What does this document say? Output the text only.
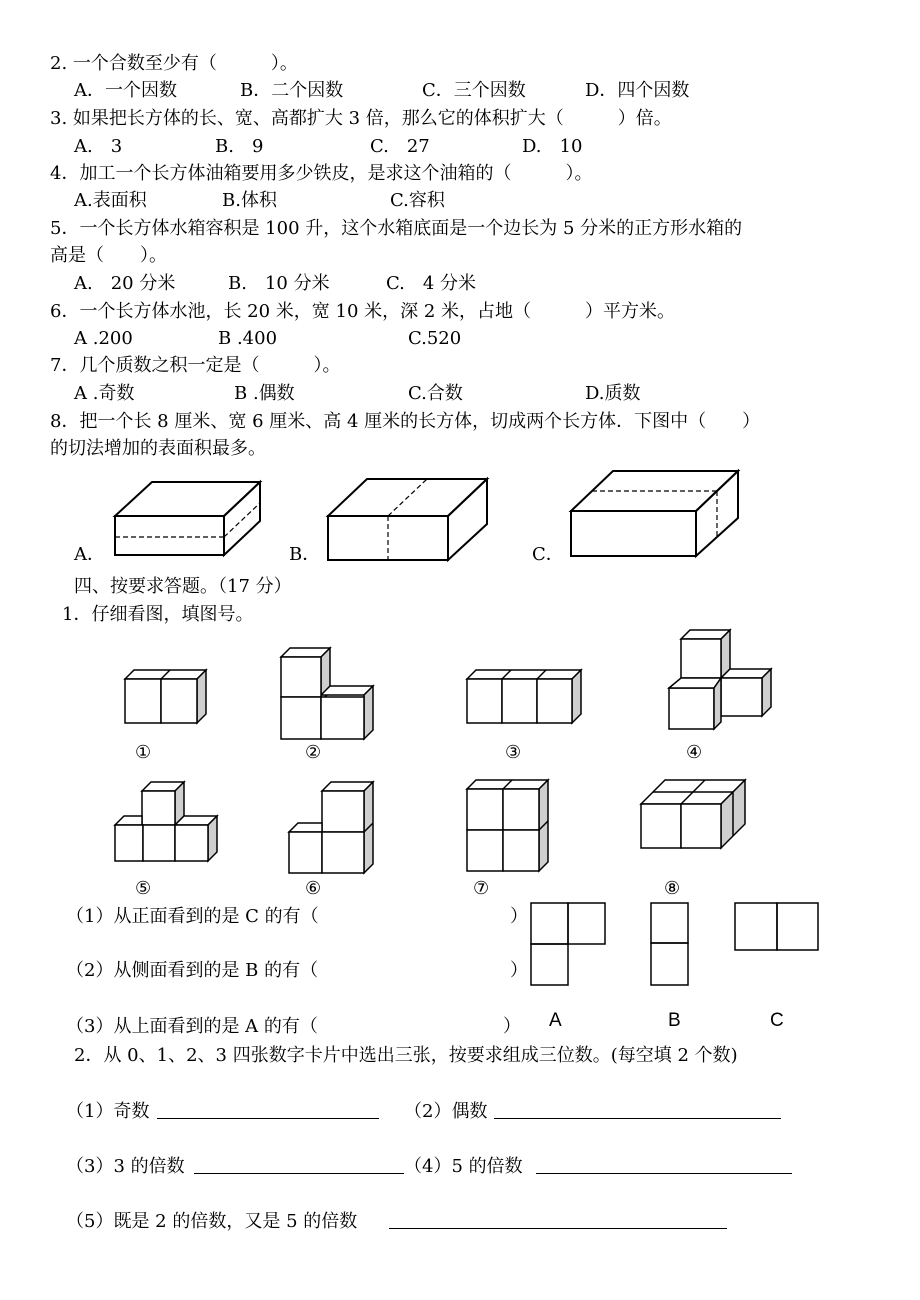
2. 一个合数至少有（　　　）。
A．一个因数	B．二个因数	C．三个因数	D．四个因数
3. 如果把长方体的长、宽、高都扩大 3 倍，那么它的体积扩大（　　　）倍。
A.　3	B.　9	C.　27	D.　10
4．加工一个长方体油箱要用多少铁皮，是求这个油箱的（　　　）。
A.表面积	B.体积	C.容积
5．一个长方体水箱容积是 100 升，这个水箱底面是一个边长为 5 分米的正方形水箱的
高是（　　）。
A.　20 分米	B.　10 分米	C.　4 分米
6．一个长方体水池，长 20 米，宽 10 米，深 2 米，占地（　　　）平方米。
A .200	B .400	C.520
7．几个质数之积一定是（　　　）。
A .奇数	B .偶数	C.合数	D.质数
8．把一个长 8 厘米、宽 6 厘米、高 4 厘米的长方体，切成两个长方体．下图中（　　）
的切法增加的表面积最多。
A．	B．	C．
四、按要求答题。（17 分）
1．仔细看图，填图号。
①	②	③	④
⑤	⑥	⑦	⑧
（1）从正面看到的是 C 的有（	）
（2）从侧面看到的是 B 的有（	）
（3）从上面看到的是 A 的有（	） A	B	C
2．从 0、1、2、3 四张数字卡片中选出三张，按要求组成三位数。(每空填 2 个数)
（1）奇数	（2）偶数
（3）3 的倍数	（4）5 的倍数
（5）既是 2 的倍数，又是 5 的倍数
